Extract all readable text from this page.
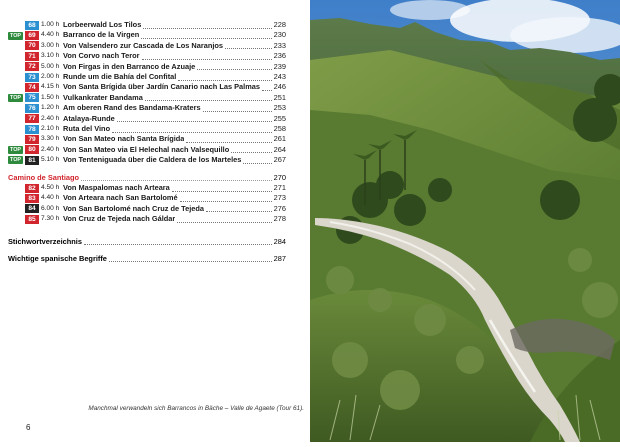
68 1.00 h Lorbeerwald Los Tilos	228
TOP	69 4.40 h Barranco de la Virgen	230
70 3.00 h Von Valsendero zur Cascada de Los Naranjos	233
71 3.10 h Von Corvo nach Teror	236
72 5.00 h Von Firgas in den Barranco de Azuaje	239
73 2.00 h Runde um die Bahía del Confital	243
74 4.15 h Von Santa Brígida über Jardín Canario nach Las Palmas 246
TOP	75 1.50 h Vulkankrater Bandama	251
76 1.20 h Am oberen Rand des Bandama-Kraters	253
77 2.40 h Atalaya-Runde	255
78 2.10 h Ruta del Vino	258
79 3.30 h Von San Mateo nach Santa Brígida	261
TOP	80 2.40 h Von San Mateo via El Helechal nach Valsequillo	264
TOP	81 5.10 h Von Tenteniguada über die Caldera de los Marteles	267
Camino de Santiago	270
82 4.50 h Von Maspalomas nach Arteara	271
83 4.40 h Von Arteara nach San Bartolomé	273
84 6.00 h Von San Bartolomé nach Cruz de Tejeda	276
85 7.30 h Von Cruz de Tejeda nach Gáldar	278
Stichwortverzeichnis	284
Wichtige spanische Begriffe	287
Manchmal verwandeln sich Barrancos in Bäche – Valle de Agaete (Tour 61).
6
